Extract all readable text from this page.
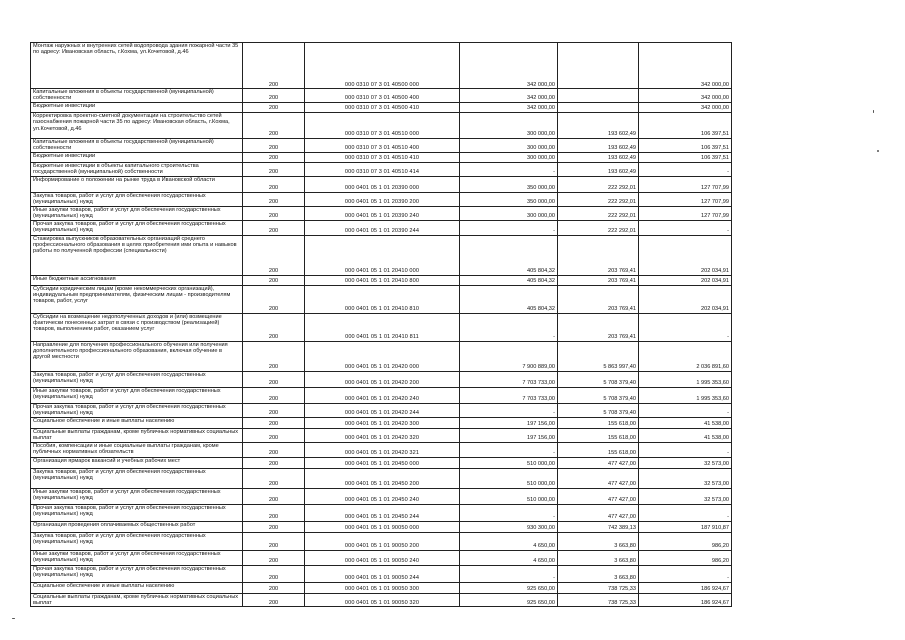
Монтаж наружных и внутренних сетей водопровода здания пожарной части 35 по адресу: Ивановская область, г.Кохма, ул.Кочетовой, д.46	200	000 0310 07 3 01 40500 000	342 000,00		342 000,00
Капитальные вложения в объекты государственной (муниципальной) собственности	200	000 0310 07 3 01 40500 400	342 000,00		342 000,00
Бюджетные инвестиции	200	000 0310 07 3 01 40500 410	342 000,00		342 000,00
Корректировка проектно-сметной документации на строительство сетей газоснабжения пожарной части 35 по адресу: Ивановская область, г.Кохма, ул.Кочетовой, д.46	200	000 0310 07 3 01 40510 000	300 000,00	193 602,49	106 397,51
Капитальные вложения в объекты государственной (муниципальной) собственности	200	000 0310 07 3 01 40510 400	300 000,00	193 602,49	106 397,51
Бюджетные инвестиции	200	000 0310 07 3 01 40510 410	300 000,00	193 602,49	106 397,51
Бюджетные инвестиции в объекты капитального строительства государственной (муниципальной) собственности	200	000 0310 07 3 01 40510 414	-	193 602,49	-
Информирование о положении на рынке труда в Ивановской области	200	000 0401 05 1 01 20390 000	350 000,00	222 292,01	127 707,99
Закупка товаров, работ и услуг для обеспечения государственных (муниципальных) нужд	200	000 0401 05 1 01 20390 200	350 000,00	222 292,01	127 707,99
Иные закупки товаров, работ и услуг для обеспечения государственных (муниципальных) нужд	200	000 0401 05 1 01 20390 240	300 000,00	222 292,01	127 707,99
Прочая закупка товаров, работ и услуг для обеспечения государственных (муниципальных) нужд	200	000 0401 05 1 01 20390 244	-	222 292,01	-
Стажировка выпускников образовательных организаций среднего профессионального образования в целях приобретения ими опыта и навыков работы по полученной профессии (специальности)	200	000 0401 05 1 01 20410 000	405 804,32	203 769,41	202 034,91
Иные бюджетные ассигнования	200	000 0401 05 1 01 20410 800	405 804,32	203 769,41	202 034,91
Субсидии юридическим лицам (кроме некоммерческих организаций), индивидуальным предпринимателям, физическим лицам - производителям товаров, работ, услуг	200	000 0401 05 1 01 20410 810	405 804,32	203 769,41	202 034,91
Субсидии на возмещение недополученных доходов и (или) возмещение фактически понесенных затрат в связи с производством (реализацией) товаров, выполнением работ, оказанием услуг	200	000 0401 05 1 01 20410 811	-	203 769,41	-
Направление для получения профессионального обучения или получения дополнительного профессионального образования, включая обучение в другой местности	200	000 0401 05 1 01 20420 000	7 900 889,00	5 863 997,40	2 036 891,60
Закупка товаров, работ и услуг для обеспечения государственных (муниципальных) нужд	200	000 0401 05 1 01 20420 200	7 703 733,00	5 708 379,40	1 995 353,60
Иные закупки товаров, работ и услуг для обеспечения государственных (муниципальных) нужд	200	000 0401 05 1 01 20420 240	7 703 733,00	5 708 379,40	1 995 353,60
Прочая закупка товаров, работ и услуг для обеспечения государственных (муниципальных) нужд	200	000 0401 05 1 01 20420 244	-	5 708 379,40	-
Социальное обеспечение и иные выплаты населению	200	000 0401 05 1 01 20420 300	197 156,00	155 618,00	41 538,00
Социальные выплаты гражданам, кроме публичных нормативных социальных выплат	200	000 0401 05 1 01 20420 320	197 156,00	155 618,00	41 538,00
Пособия, компенсации и иные социальные выплаты гражданам, кроме публичных нормативных обязательств	200	000 0401 05 1 01 20420 321	-	155 618,00	-
Организация ярмарок вакансий и учебных рабочих мест	200	000 0401 05 1 01 20450 000	510 000,00	477 427,00	32 573,00
Закупка товаров, работ и услуг для обеспечения государственных (муниципальных) нужд	200	000 0401 05 1 01 20450 200	510 000,00	477 427,00	32 573,00
Иные закупки товаров, работ и услуг для обеспечения государственных (муниципальных) нужд	200	000 0401 05 1 01 20450 240	510 000,00	477 427,00	32 573,00
Прочая закупка товаров, работ и услуг для обеспечения государственных (муниципальных) нужд	200	000 0401 05 1 01 20450 244	-	477 427,00	-
Организация проведения оплачиваемых общественных работ	200	000 0401 05 1 01 90050 000	930 300,00	742 389,13	187 910,87
Закупка товаров, работ и услуг для обеспечения государственных (муниципальных) нужд	200	000 0401 05 1 01 90050 200	4 650,00	3 663,80	986,20
Иные закупки товаров, работ и услуг для обеспечения государственных (муниципальных) нужд	200	000 0401 05 1 01 90050 240	4 650,00	3 663,80	986,20
Прочая закупка товаров, работ и услуг для обеспечения государственных (муниципальных) нужд	200	000 0401 05 1 01 90050 244	-	3 663,80	-
Социальное обеспечение и иные выплаты населению	200	000 0401 05 1 01 90050 300	925 650,00	738 725,33	186 924,67
Социальные выплаты гражданам, кроме публичных нормативных социальных выплат	200	000 0401 05 1 01 90050 320	925 650,00	738 725,33	186 924,67
